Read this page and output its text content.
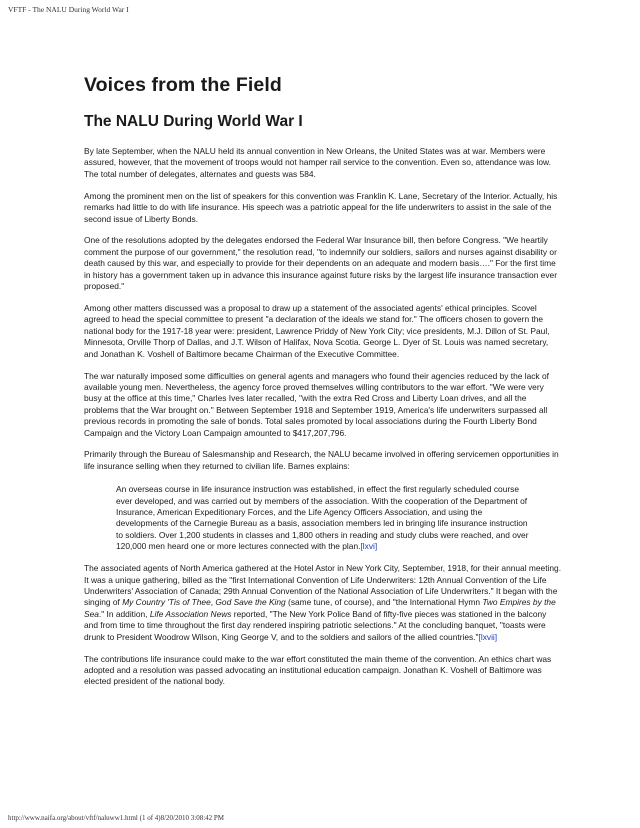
VFTF - The NALU During World War I
Voices from the Field
The NALU During World War I

By late September, when the NALU held its annual convention in New Orleans, the United States was at war. Members were assured, however, that the movement of troops would not hamper rail service to the convention. Even so, attendance was low. The total number of delegates, alternates and guests was 584.

Among the prominent men on the list of speakers for this convention was Franklin K. Lane, Secretary of the Interior. Actually, his remarks had little to do with life insurance. His speech was a patriotic appeal for the life underwriters to assist in the sale of the second issue of Liberty Bonds.

One of the resolutions adopted by the delegates endorsed the Federal War Insurance bill, then before Congress. "We heartily comment the purpose of our government," the resolution read, "to indemnify our soldiers, sailors and nurses against disability or death caused by this war, and especially to provide for their dependents on an adequate and modern basis…." For the first time in history has a government taken up in advance this insurance against future risks by the largest life insurance transaction ever proposed."

Among other matters discussed was a proposal to draw up a statement of the associated agents' ethical principles. Scovel agreed to head the special committee to present "a declaration of the ideals we stand for." The officers chosen to govern the national body for the 1917-18 year were: president, Lawrence Priddy of New York City; vice presidents, M.J. Dillon of St. Paul, Minnesota, Orville Thorp of Dallas, and J.T. Wilson of Halifax, Nova Scotia. George L. Dyer of St. Louis was named secretary, and Jonathan K. Voshell of Baltimore became Chairman of the Executive Committee.

The war naturally imposed some difficulties on general agents and managers who found their agencies reduced by the lack of available young men. Nevertheless, the agency force proved themselves willing contributors to the war effort. "We were very busy at the office at this time," Charles Ives later recalled, "with the extra Red Cross and Liberty Loan drives, and all the problems that the War brought on." Between September 1918 and September 1919, America's life underwriters surpassed all previous records in promoting the sale of bonds. Total sales promoted by local associations during the Fourth Liberty Bond Campaign and the Victory Loan Campaign amounted to $417,207,796.

Primarily through the Bureau of Salesmanship and Research, the NALU became involved in offering servicemen opportunities in life insurance selling when they returned to civilian life. Barnes explains:

An overseas course in life insurance instruction was established, in effect the first regularly scheduled course ever developed, and was carried out by members of the association. With the cooperation of the Department of Insurance, American Expeditionary Forces, and the Life Agency Officers Association, and using the developments of the Carnegie Bureau as a basis, association members led in bringing life insurance instruction to soldiers. Over 1,200 students in classes and 1,800 others in reading and study clubs were reached, and over 120,000 men heard one or more lectures connected with the plan.[lxvi]

The associated agents of North America gathered at the Hotel Astor in New York City, September, 1918, for their annual meeting. It was a unique gathering, billed as the "first International Convention of Life Underwriters: 12th Annual Convention of the Life Underwriters' Association of Canada; 29th Annual Convention of the National Association of Life Underwriters." It began with the singing of My Country 'Tis of Thee, God Save the King (same tune, of course), and "the International Hymn Two Empires by the Sea." In addition, Life Association News reported, "The New York Police Band of fifty-five pieces was stationed in the balcony and from time to time throughout the first day rendered inspiring patriotic selections." At the concluding banquet, "toasts were drunk to President Woodrow Wilson, King George V, and to the soldiers and sailors of the allied countries."[lxvii]

The contributions life insurance could make to the war effort constituted the main theme of the convention. An ethics chart was adopted and a resolution was passed advocating an institutional education campaign. Jonathan K. Voshell of Baltimore was elected president of the national body.

http://www.naifa.org/about/vftf/naluww1.html (1 of 4)8/20/2010 3:08:42 PM
